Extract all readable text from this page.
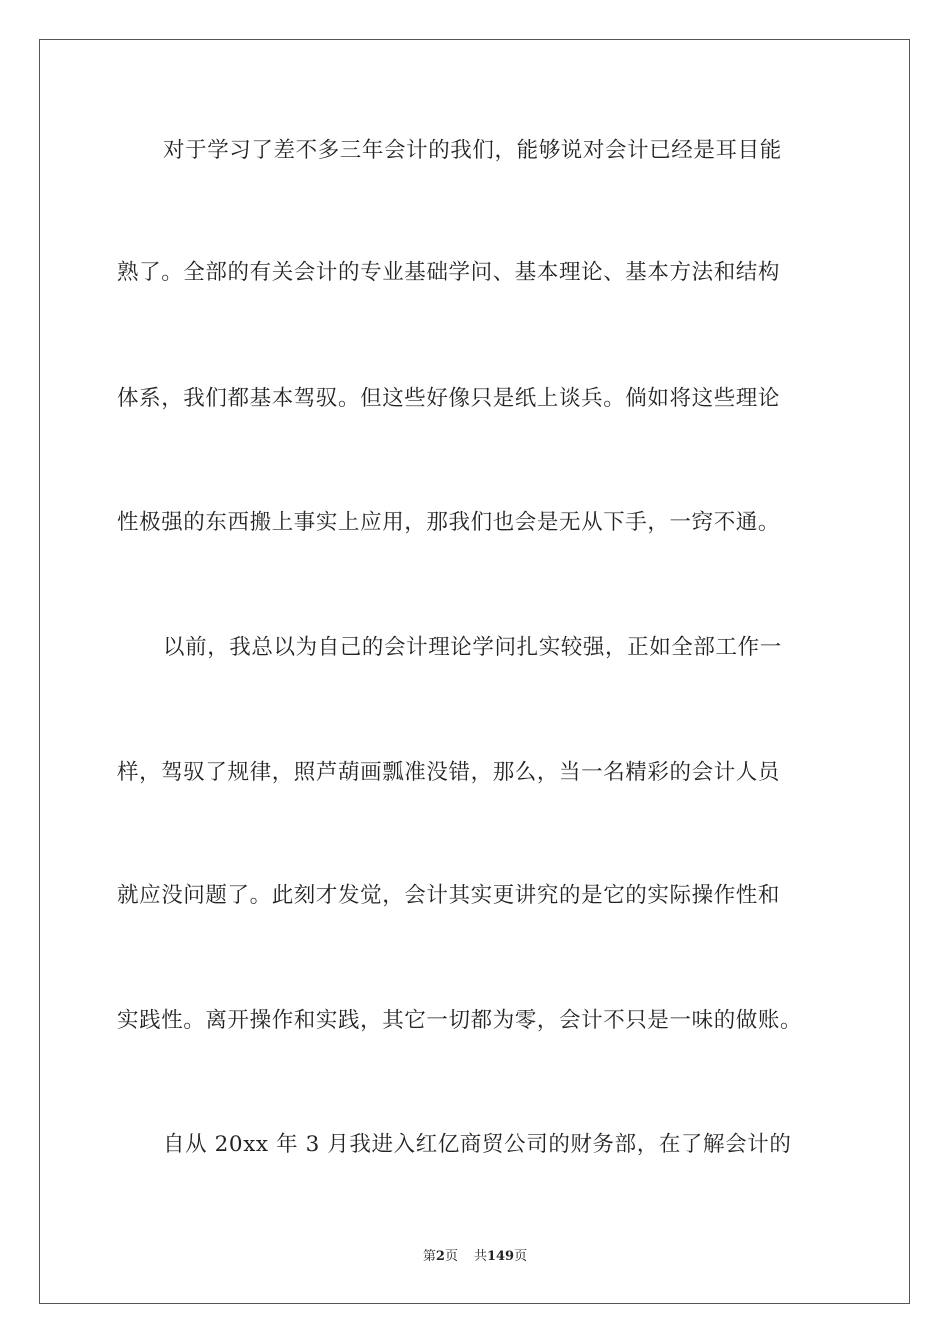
对于学习了差不多三年会计的我们，能够说对会计已经是耳目能
熟了。全部的有关会计的专业基础学问、基本理论、基本方法和结构
体系，我们都基本驾驭。但这些好像只是纸上谈兵。倘如将这些理论
性极强的东西搬上事实上应用，那我们也会是无从下手，一窍不通。
以前，我总以为自己的会计理论学问扎实较强，正如全部工作一
样，驾驭了规律，照芦葫画瓢准没错，那么，当一名精彩的会计人员
就应没问题了。此刻才发觉，会计其实更讲究的是它的实际操作性和
实践性。离开操作和实践，其它一切都为零，会计不只是一味的做账。
自从 20xx 年 3 月我进入红亿商贸公司的财务部，在了解会计的
第2页 共149页
